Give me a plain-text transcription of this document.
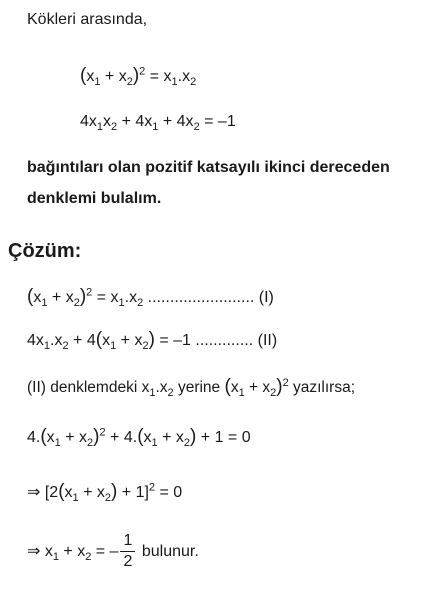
Kökleri arasında,
$(x_1 + x_2)^2 = x_1.x_2$
$4x_1x_2 + 4x_1 + 4x_2 = -1$
bağıntıları olan pozitif katsayılı ikinci dereceden
denklemi bulalım.
Çözüm:
$(x_1 + x_2)^2 = x_1.x_2$ ........................ (I)
$4x_1.x_2 + 4(x_1 + x_2) = -1$ ............. (II)
(II) denklemdeki $x_1.x_2$ yerine $(x_1 + x_2)^2$ yazılırsa;
$4.(x_1 + x_2)^2 + 4.(x_1 + x_2) + 1 = 0$
⇒ $[2(x_1 + x_2) + 1]^2 = 0$
⇒ $x_1 + x_2$ = – $\frac{1}{2}$ bulunur.
